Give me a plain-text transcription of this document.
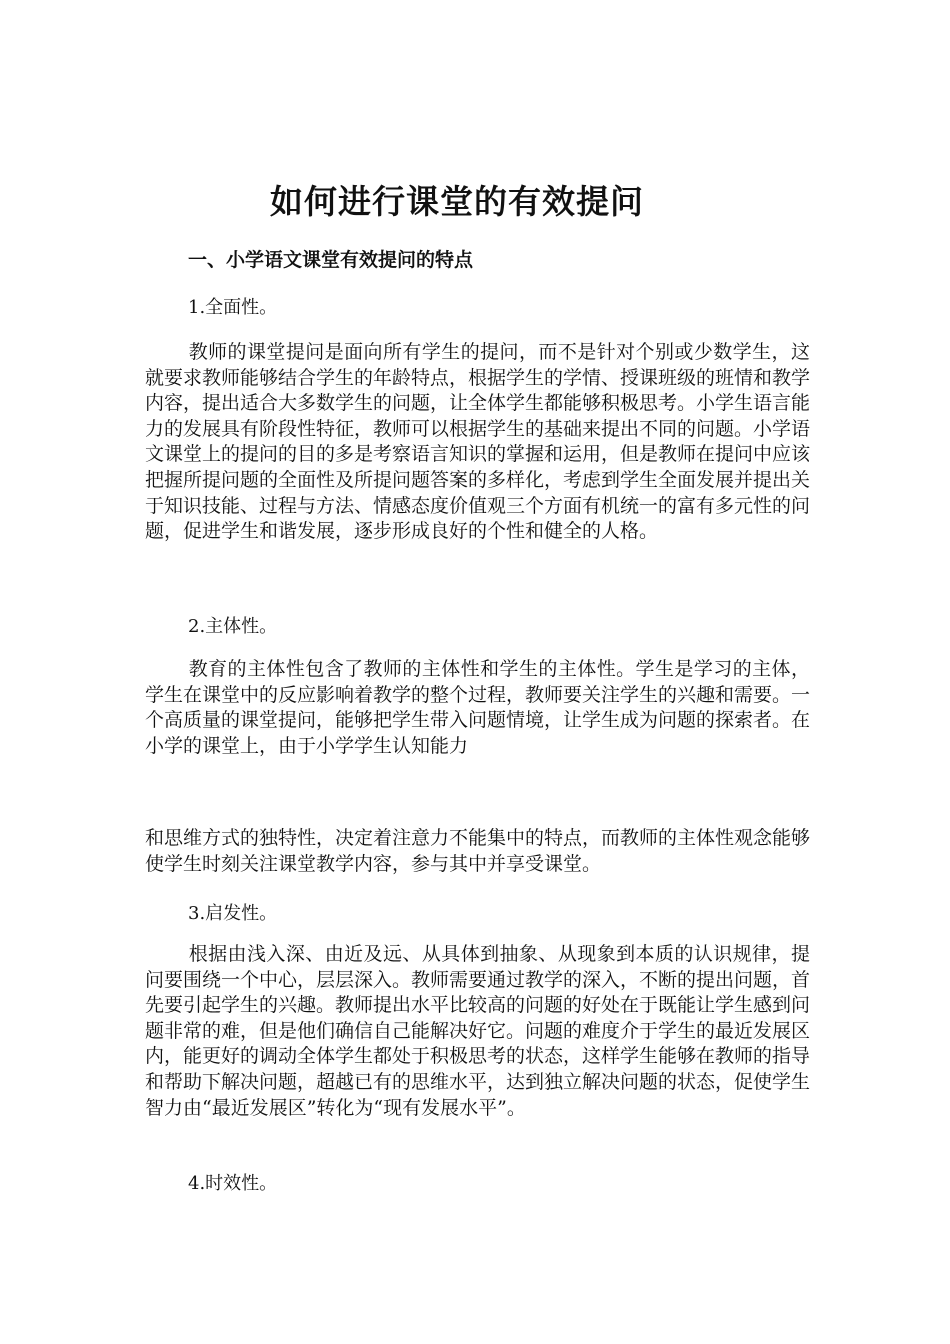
如何进行课堂的有效提问
一、小学语文课堂有效提问的特点

1.全面性。

教师的课堂提问是面向所有学生的提问，而不是针对个别或少数学生，这就要求教师能够结合学生的年龄特点，根据学生的学情、授课班级的班情和教学内容，提出适合大多数学生的问题，让全体学生都能够积极思考。小学生语言能力的发展具有阶段性特征，教师可以根据学生的基础来提出不同的问题。小学语文课堂上的提问的目的多是考察语言知识的掌握和运用，但是教师在提问中应该把握所提问题的全面性及所提问题答案的多样化，考虑到学生全面发展并提出关于知识技能、过程与方法、情感态度价值观三个方面有机统一的富有多元性的问题，促进学生和谐发展，逐步形成良好的个性和健全的人格。

2.主体性。

教育的主体性包含了教师的主体性和学生的主体性。学生是学习的主体，学生在课堂中的反应影响着教学的整个过程，教师要关注学生的兴趣和需要。一个高质量的课堂提问，能够把学生带入问题情境，让学生成为问题的探索者。在小学的课堂上，由于小学学生认知能力

和思维方式的独特性，决定着注意力不能集中的特点，而教师的主体性观念能够使学生时刻关注课堂教学内容，参与其中并享受课堂。

3.启发性。

根据由浅入深、由近及远、从具体到抽象、从现象到本质的认识规律，提问要围绕一个中心，层层深入。教师需要通过教学的深入，不断的提出问题，首先要引起学生的兴趣。教师提出水平比较高的问题的好处在于既能让学生感到问题非常的难，但是他们确信自己能解决好它。问题的难度介于学生的最近发展区内，能更好的调动全体学生都处于积极思考的状态，这样学生能够在教师的指导和帮助下解决问题，超越已有的思维水平，达到独立解决问题的状态，促使学生智力由“最近发展区”转化为“现有发展水平”。

4.时效性。
